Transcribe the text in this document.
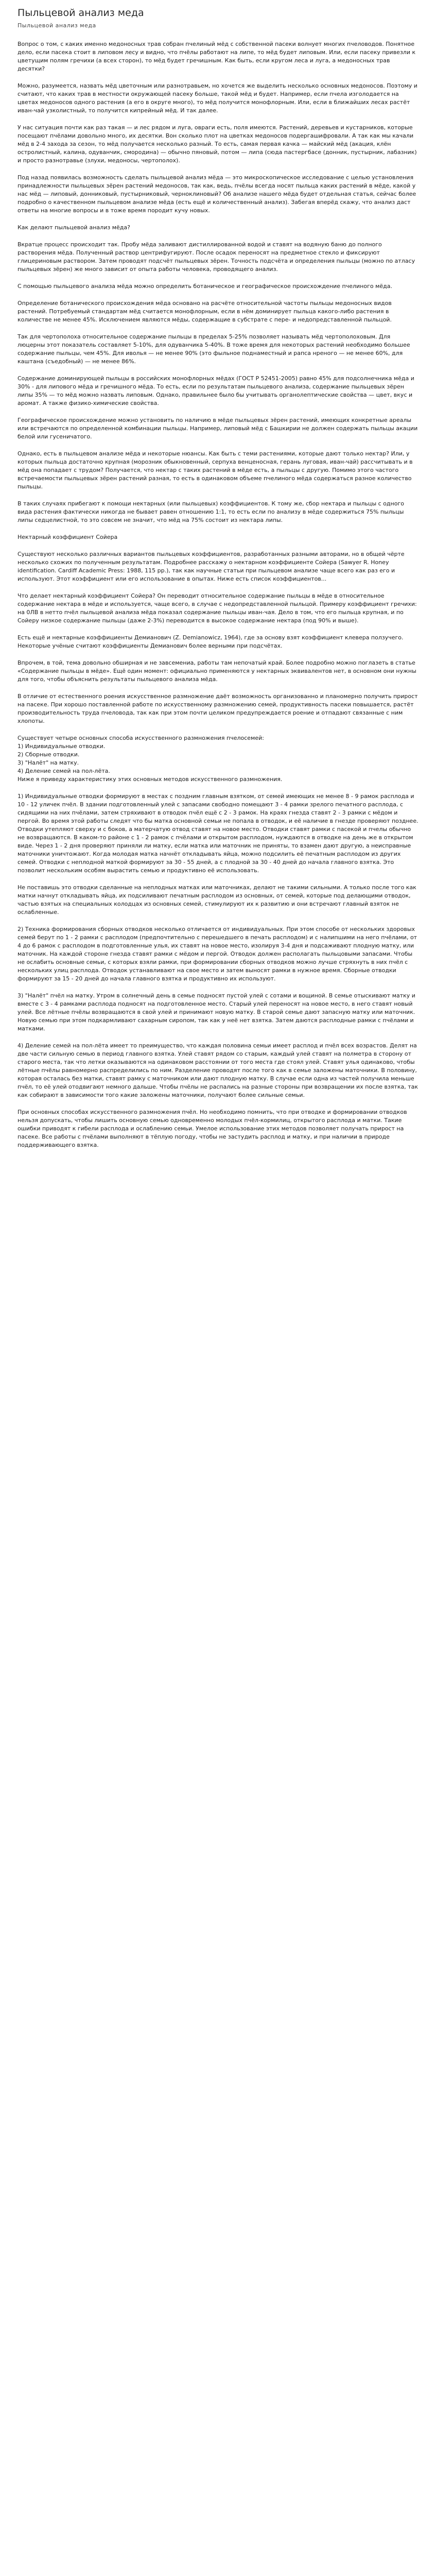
Пыльцевой анализ меда
Пыльцевой анализ меда

Вопрос о том, с каких именно медоносных трав собран пчелиный мёд с собственной пасеки волнует многих пчеловодов. Понятное дело, если пасека стоит в липовом лесу и видно, что пчёлы работают на липе, то мёд будет липовым. Или, если пасеку привезли к цветущим полям гречихи (а всех сторон), то мёд будет гречишным. Как быть, если кругом леса и луга, а медоносных трав десятки?

Можно, разумеется, назвать мёд цветочным или разнотравьем, но хочется же выделить несколько основных медоносов. Поэтому и считают, что каких трав в местности окружающей пасеку больше, такой мёд и будет. Например, если пчела изголодается на цветах медоносов одного растения (а его в округе много), то мёд получится монофлорным. Или, если в ближайших лесах растёт иван-чай узколистный, то получится кипрейный мёд. И так далее.

У нас ситуация почти как раз такая — и лес рядом и луга, овраги есть, поля имеются. Растений, деревьев и кустарников, которые посещают пчёлами довольно много, их десятки. Вон сколько плот на цветках медоносов подергашифровали. А так как мы качали мёд в 2-4 захода за сезон, то мёд получается несколько разный. То есть, самая первая качка — майский мёд (акация, клён остролистный, калина, одуванчик, смородина) — обычно пяновый, потом — липа (сюда пастергбасе (донник, пустырник, лабазник) и просто разнотравье (злухи, медоносы, чертополох).

Под назад появилась возможность сделать пыльцевой анализ мёда — это микроскопическое исследование с целью установления принадлежности пыльцевых зёрен растений медоносов, так как, ведь, пчёлы всегда носят пыльца каких растений в мёде, какой у нас мёд — липовый, донниковый, пустырниковый, черноклиновый? Об анализе нашего мёда будет отдельная статья, сейчас более подробно о качественном пыльцевом анализе мёда (есть ещё и количественный анализ). Забегая вперёд скажу, что анализ даст ответы на многие вопросы и в тоже время породит кучу новых.

Как делают пыльцевой анализ мёда?

Вкратце процесс происходит так. Пробу мёда заливают дистиллированной водой и ставят на водяную баню до полного растворения мёда. Полученный раствор центрифугируют. После осадок переносят на предметное стекло и фиксируют глицериновым раствором. Затем проводят подсчёт пыльцевых зёрен. Точность подсчёта и определения пыльцы (можно по атласу пыльцевых зёрен) же много зависит от опыта работы человека, проводящего анализ.

С помощью пыльцевого анализа мёда можно определить ботаническое и географическое происхождение пчелиного мёда.

Определение ботанического происхождения мёда основано на расчёте относительной частоты пыльцы медоносных видов растений. Потребуемый стандартам мёд считается монофлорным, если в нём доминирует пыльца какого-либо растения в количестве не менее 45%. Исключением являются мёды, содержащие в субстрате с пере- и недопредставленной пыльцой.

Так для чертополоха относительное содержание пыльцы в пределах 5-25% позволяет называть мёд чертополоховым. Для люцерны этот показатель составляет 5-10%, для одуванчика 5-40%. В тоже время для некоторых растений необходимо большее содержание пыльцы, чем 45%. Для иволья — не менее 90% (это фыльное поднаместный и рапса нреного — не менее 60%, для каштана (съедобный) — не менее 86%.

Содержание доминирующей пыльцы в российских монофлорных мёдах (ГОСТ Р 52451-2005) равно 45% для подсолнечника мёда и 30% - для липового мёда и гречишного мёда. То есть, если по результатам пыльцевого анализа, содержание пыльцевых зёрен липы 35% — то мёд можно назвать липовым. Однако, правильнее было бы учитывать органолептические свойства — цвет, вкус и аромат. А также физико-химические свойства.

Географическое происхождение можно установить по наличию в мёде пыльцевых зёрен растений, имеющих конкретные ареалы или встречаются по определенной комбинации пыльцы. Например, липовый мёд с Башкирии не должен содержать пыльцы акации белой или гусеничатого.

Однако, есть в пыльцевом анализе мёда и некоторые нюансы. Как быть с теми растениями, которые дают только нектар? Или, у которых пыльца достаточно крупная (морозник обыкновенный, серпуха венценосная, герань луговая, иван-чай) рассчитывать и в мёд она попадает с трудом? Получается, что нектар с таких растений в мёде есть, а пыльцы с другую. Помимо этого частого встречаемости пыльцевых зёрен растений разная, то есть в одинаковом объеме пчелиного мёда содержаться разное количество пыльцы.

В таких случаях прибегают к помощи нектарных (или пыльцевых) коэффициентов. К тому же, сбор нектара и пыльцы с одного вида растения фактически никогда не бывает равен отношению 1:1, то есть если по анализу в мёде содержиться 75% пыльцы липы седцелистной, то это совсем не значит, что мёд на 75% состоит из нектара липы.

Нектарный коэффициент Сойера

Существуют несколько различных вариантов пыльцевых коэффициентов, разработанных разными авторами, но в общей чёрте несколько схожих по полученным результатам. Подробнее расскажу о нектарном коэффициенте Сойера (Sawyer R. Honey identification. Cardiff Academic Press: 1988, 115 pp.), так как научные статьи при пыльцевом анализе чаще всего как раз его и используют. Этот коэффициент или его использование в опытах. Ниже есть список коэффициентов...

Что делает нектарный коэффициент Сойера? Он переводит относительное содержание пыльцы в мёде в относительное содержание нектара в мёде и используется, чаще всего, в случае с недопредставленной пыльцой. Примеру коэффициент гречихи: на 0ЛВ в нетто пчёл пыльцевой анализа мёда показал содержание пыльцы иван-чая. Дело в том, что его пыльца крупная, и по Сойеру низкое содержание пыльцы (даже 2-3%) переводится в высокое содержание нектара (под 90% и выше).

Есть ещё и нектарные коэффициенты Демианович (Z. Demianowicz, 1964), где за основу взят коэффициент клевера ползучего. Некоторые учёные считают коэффициенты Демианович более верными при подсчётах.

Впрочем, в той, тема довольно обширная и не завсемениа, работы там непочатый край. Более подробно можно поглазеть в статье «Содержание пыльцы в мёде». Ещё один момент: официально применяются у нектарных эквивалентов нет, в основном они нужны для того, чтобы объяснить результаты пыльцевого анализа мёда.

В отличие от естественного роения искусственное размножение даёт возможность организованно и планомерно получить прирост на пасеке. При хорошо поставленной работе по искусственному размножению семей, продуктивность пасеки повышается, растёт производительность труда пчеловода, так как при этом почти целиком предупреждается роение и отпадают связанные с ним хлопоты.

Существует четыре основных способа искусственного размножения пчелосемей:

1) Индивидуальные отводки.

2) Сборные отводки.

3) "Налёт" на матку.

4) Деление семей на пол-лёта.

Ниже я приведу характеристику этих основных методов искусственного размножения.

1) Индивидуальные отводки формируют в местах с поздним главным взятком, от семей имеющих не менее 8 - 9 рамок расплода и 10 - 12 уличек пчёл. В здании подготовленный улей с запасами свободно помещают 3 - 4 рамки зрелого печатного расплода, с сидящими на них пчёлами, затем стряхивают в отводок пчёл ещё с 2 - 3 рамок. На краях гнезда ставят 2 - 3 рамки с мёдом и пергой. Во время этой работы следят что бы матка основной семьи не попала в отводок, и её наличие в гнезде проверяют позднее. Отводки утепляют сверху и с боков, а матерчатую отвод ставят на новое место. Отводки ставят рамки с пасекой и пчелы обычно не возвращаются. В каком-то районе с 1 - 2 рамок с пчёлами и открытом расплодом, нуждаются в отводке на день же в открытом виде. Через 1 - 2 дня проверяют приняли ли матку, если матка или маточник не приняты, то взамен дают другую, а неисправные маточники уничтожают. Когда молодая матка начнёт откладывать яйца, можно подсилить её печатным расплодом из других семей. Отводки с неплодной маткой формируют за 30 - 55 дней, а с плодной за 30 - 40 дней до начала главного взятка. Это позволит нескольким особям вырастить семью и продуктивно её использовать.

Не поставишь это отводки сделанные на неплодных матках или маточниках, делают не такими сильными. А только после того как матки начнут откладывать яйца, их подсиливают печатным расплодом из основных, от семей, которые под делающими отводок, частью взятых на специальных колодцах из основных семей, стимулируют их к развитию и они встречают главный взяток не ослабленные.

2) Техника формирования сборных отводков несколько отличается от индивидуальных. При этом способе от нескольких здоровых семей берут по 1 - 2 рамки с расплодом (предпочтительно с перешедшего в печать расплодом) и с налипшими на него пчёлами, от 4 до 6 рамок с расплодом в подготовленные улья, их ставят на новое место, изолируя 3-4 дня и подсаживают плодную матку, или маточник. На каждой стороне гнезда ставят рамки с мёдом и пергой. Отводок должен располагать пыльцовыми запасами. Чтобы не ослабить основные семьи, с которых взяли рамки, при формировании сборных отводков можно лучше стряхнуть в них пчёл с нескольких улиц расплода. Отводок устанавливают на свое место и затем выносят рамки в нужное время. Сборные отводки формируют за 15 - 20 дней до начала главного взятка и продуктивно их используют.

3) "Налёт" пчёл на матку. Утром в солнечный день в семье подносят пустой улей с сотами и вощиной. В семье отыскивают матку и вместе с 3 - 4 рамками расплода подносят на подготовленное место. Старый улей переносят на новое место, в него ставят новый улей. Все лётные пчёлы возвращаются в свой улей и принимают новую матку. В старой семье дают запасную матку или маточник. Новую семью при этом подкармливают сахарным сиропом, так как у неё нет взятка. Затем даются расплодные рамки с пчёлами и матками.

4) Деление семей на пол-лёта имеет то преимущество, что каждая половина семьи имеет расплод и пчёл всех возрастов. Делят на две части сильную семью в период главного взятка. Улей ставят рядом со старым, каждый улей ставят на полметра в сторону от старого места, так что летки оказываются на одинаковом расстоянии от того места где стоял улей. Ставят улья одинаково, чтобы лётные пчёлы равномерно распределились по ним. Разделение проводят после того как в семье заложены маточники. В половину, которая осталась без матки, ставят рамку с маточником или дают плодную матку. В случае если одна из частей получила меньше пчёл, то её улей отодвигают немного дальше. Чтобы пчёлы не распались на разные стороны при возвращении их после взятка, так как собирают в зависимости того какие заложены маточники, получают более сильные семьи.

При основных способах искусственного размножения пчёл. Но необходимо помнить, что при отводке и формировании отводков нельзя допускать, чтобы лишить основную семью одновременно молодых пчёл-кормилиц, открытого расплода и матки. Такие ошибки приводят к гибели расплода и ослаблению семьи. Умелое использование этих методов позволяет получать прирост на пасеке. Все работы с пчёлами выполняют в тёплую погоду, чтобы не застудить расплод и матку, и при наличии в природе поддерживающего взятка.
